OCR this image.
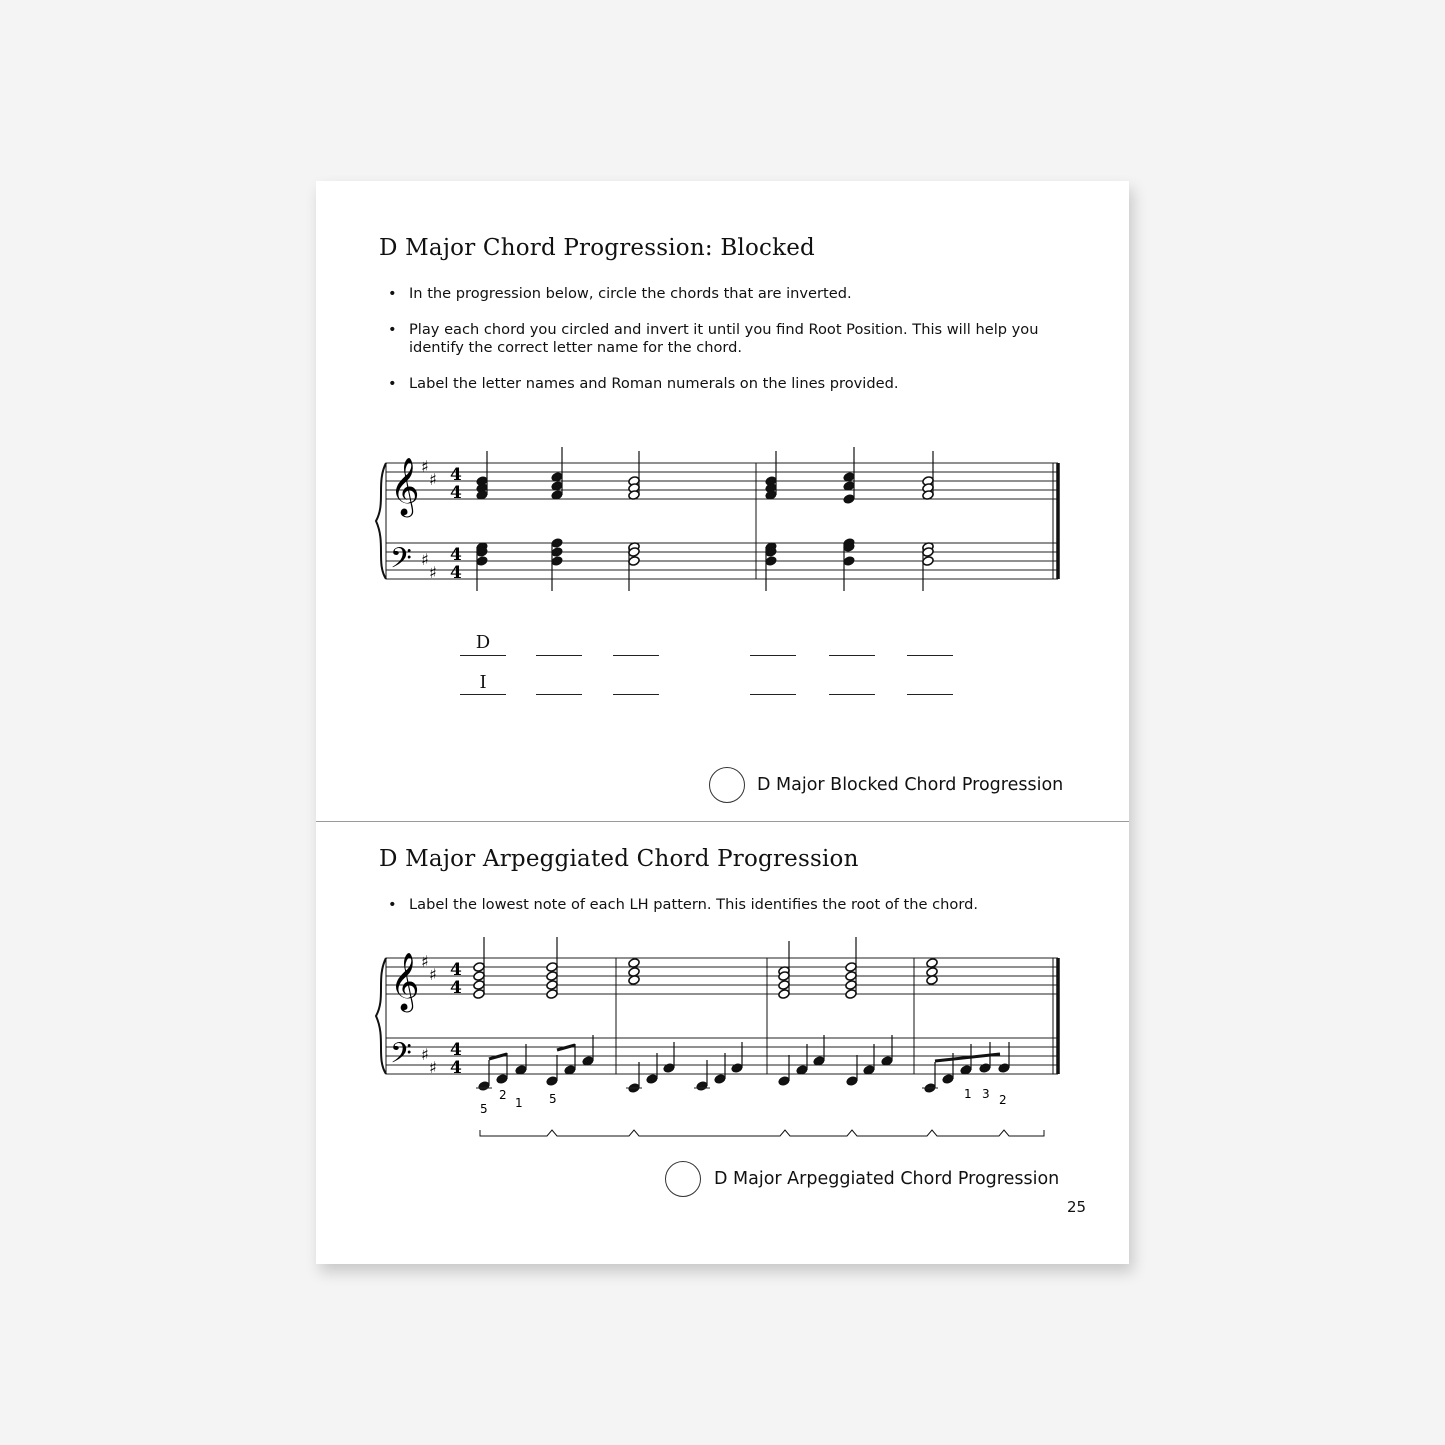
D Major Chord Progression: Blocked
• In the progression below, circle the chords that are inverted.
• Play each chord you circled and invert it until you find Root Position. This will help you identify the correct letter name for the chord.
• Label the letter names and Roman numerals on the lines provided.
𝄞
𝄢
♯
♯
♯
♯
4
4
4
4
D
I
D Major Blocked Chord Progression
D Major Arpeggiated Chord Progression
• Label the lowest note of each LH pattern. This identifies the root of the chord.
𝄞
𝄢
♯
♯
♯
♯
4
4
4
4
5
2
1 5	1 3 2
D Major Arpeggiated Chord Progression
25
